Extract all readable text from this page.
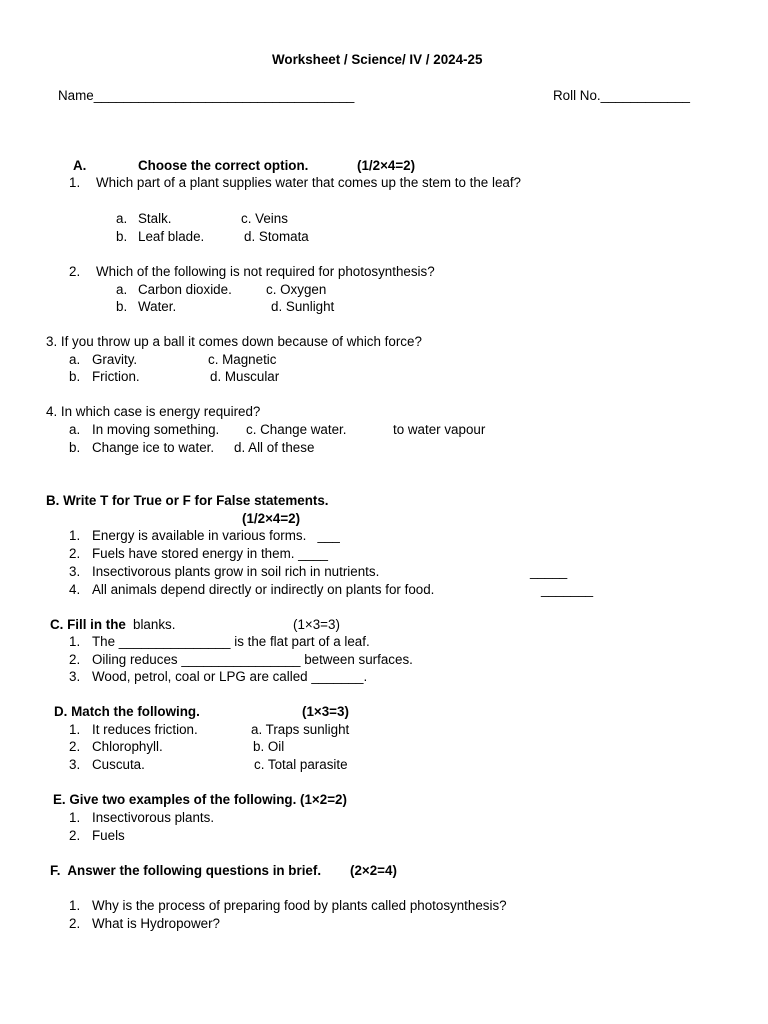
Worksheet / Science/ IV / 2024-25
Name___________________________________	Roll No.____________
A.	Choose the correct option.	(1/2×4=2)
1. Which part of a plant supplies water that comes up the stem to the leaf?
a. Stalk.	c. Veins
b. Leaf blade.	d. Stomata
2. Which of the following is not required for photosynthesis?
a. Carbon dioxide.	c. Oxygen
b. Water.	d. Sunlight
3. If you throw up a ball it comes down because of which force?
a. Gravity.	c. Magnetic
b. Friction.	d. Muscular
4. In which case is energy required?
a. In moving something. c. Change water.	to water vapour
b. Change ice to water. d. All of these
B. Write T for True or F for False statements.
(1/2×4=2)
1. Energy is available in various forms.   ___
2. Fuels have stored energy in them. ____
3. Insectivorous plants grow in soil rich in nutrients.	_____
4. All animals depend directly or indirectly on plants for food.	_______
C. Fill in the blanks.	(1×3=3)
1. The _______________ is the flat part of a leaf.
2. Oiling reduces ________________ between surfaces.
3. Wood, petrol, coal or LPG are called _______.
D. Match the following.	(1×3=3)
1. It reduces friction.	a. Traps sunlight
2. Chlorophyll.	b. Oil
3. Cuscuta.	c. Total parasite
E. Give two examples of the following. (1×2=2)
1. Insectivorous plants.
2. Fuels
F.  Answer the following questions in brief. (2×2=4)
1. Why is the process of preparing food by plants called photosynthesis?
2. What is Hydropower?
